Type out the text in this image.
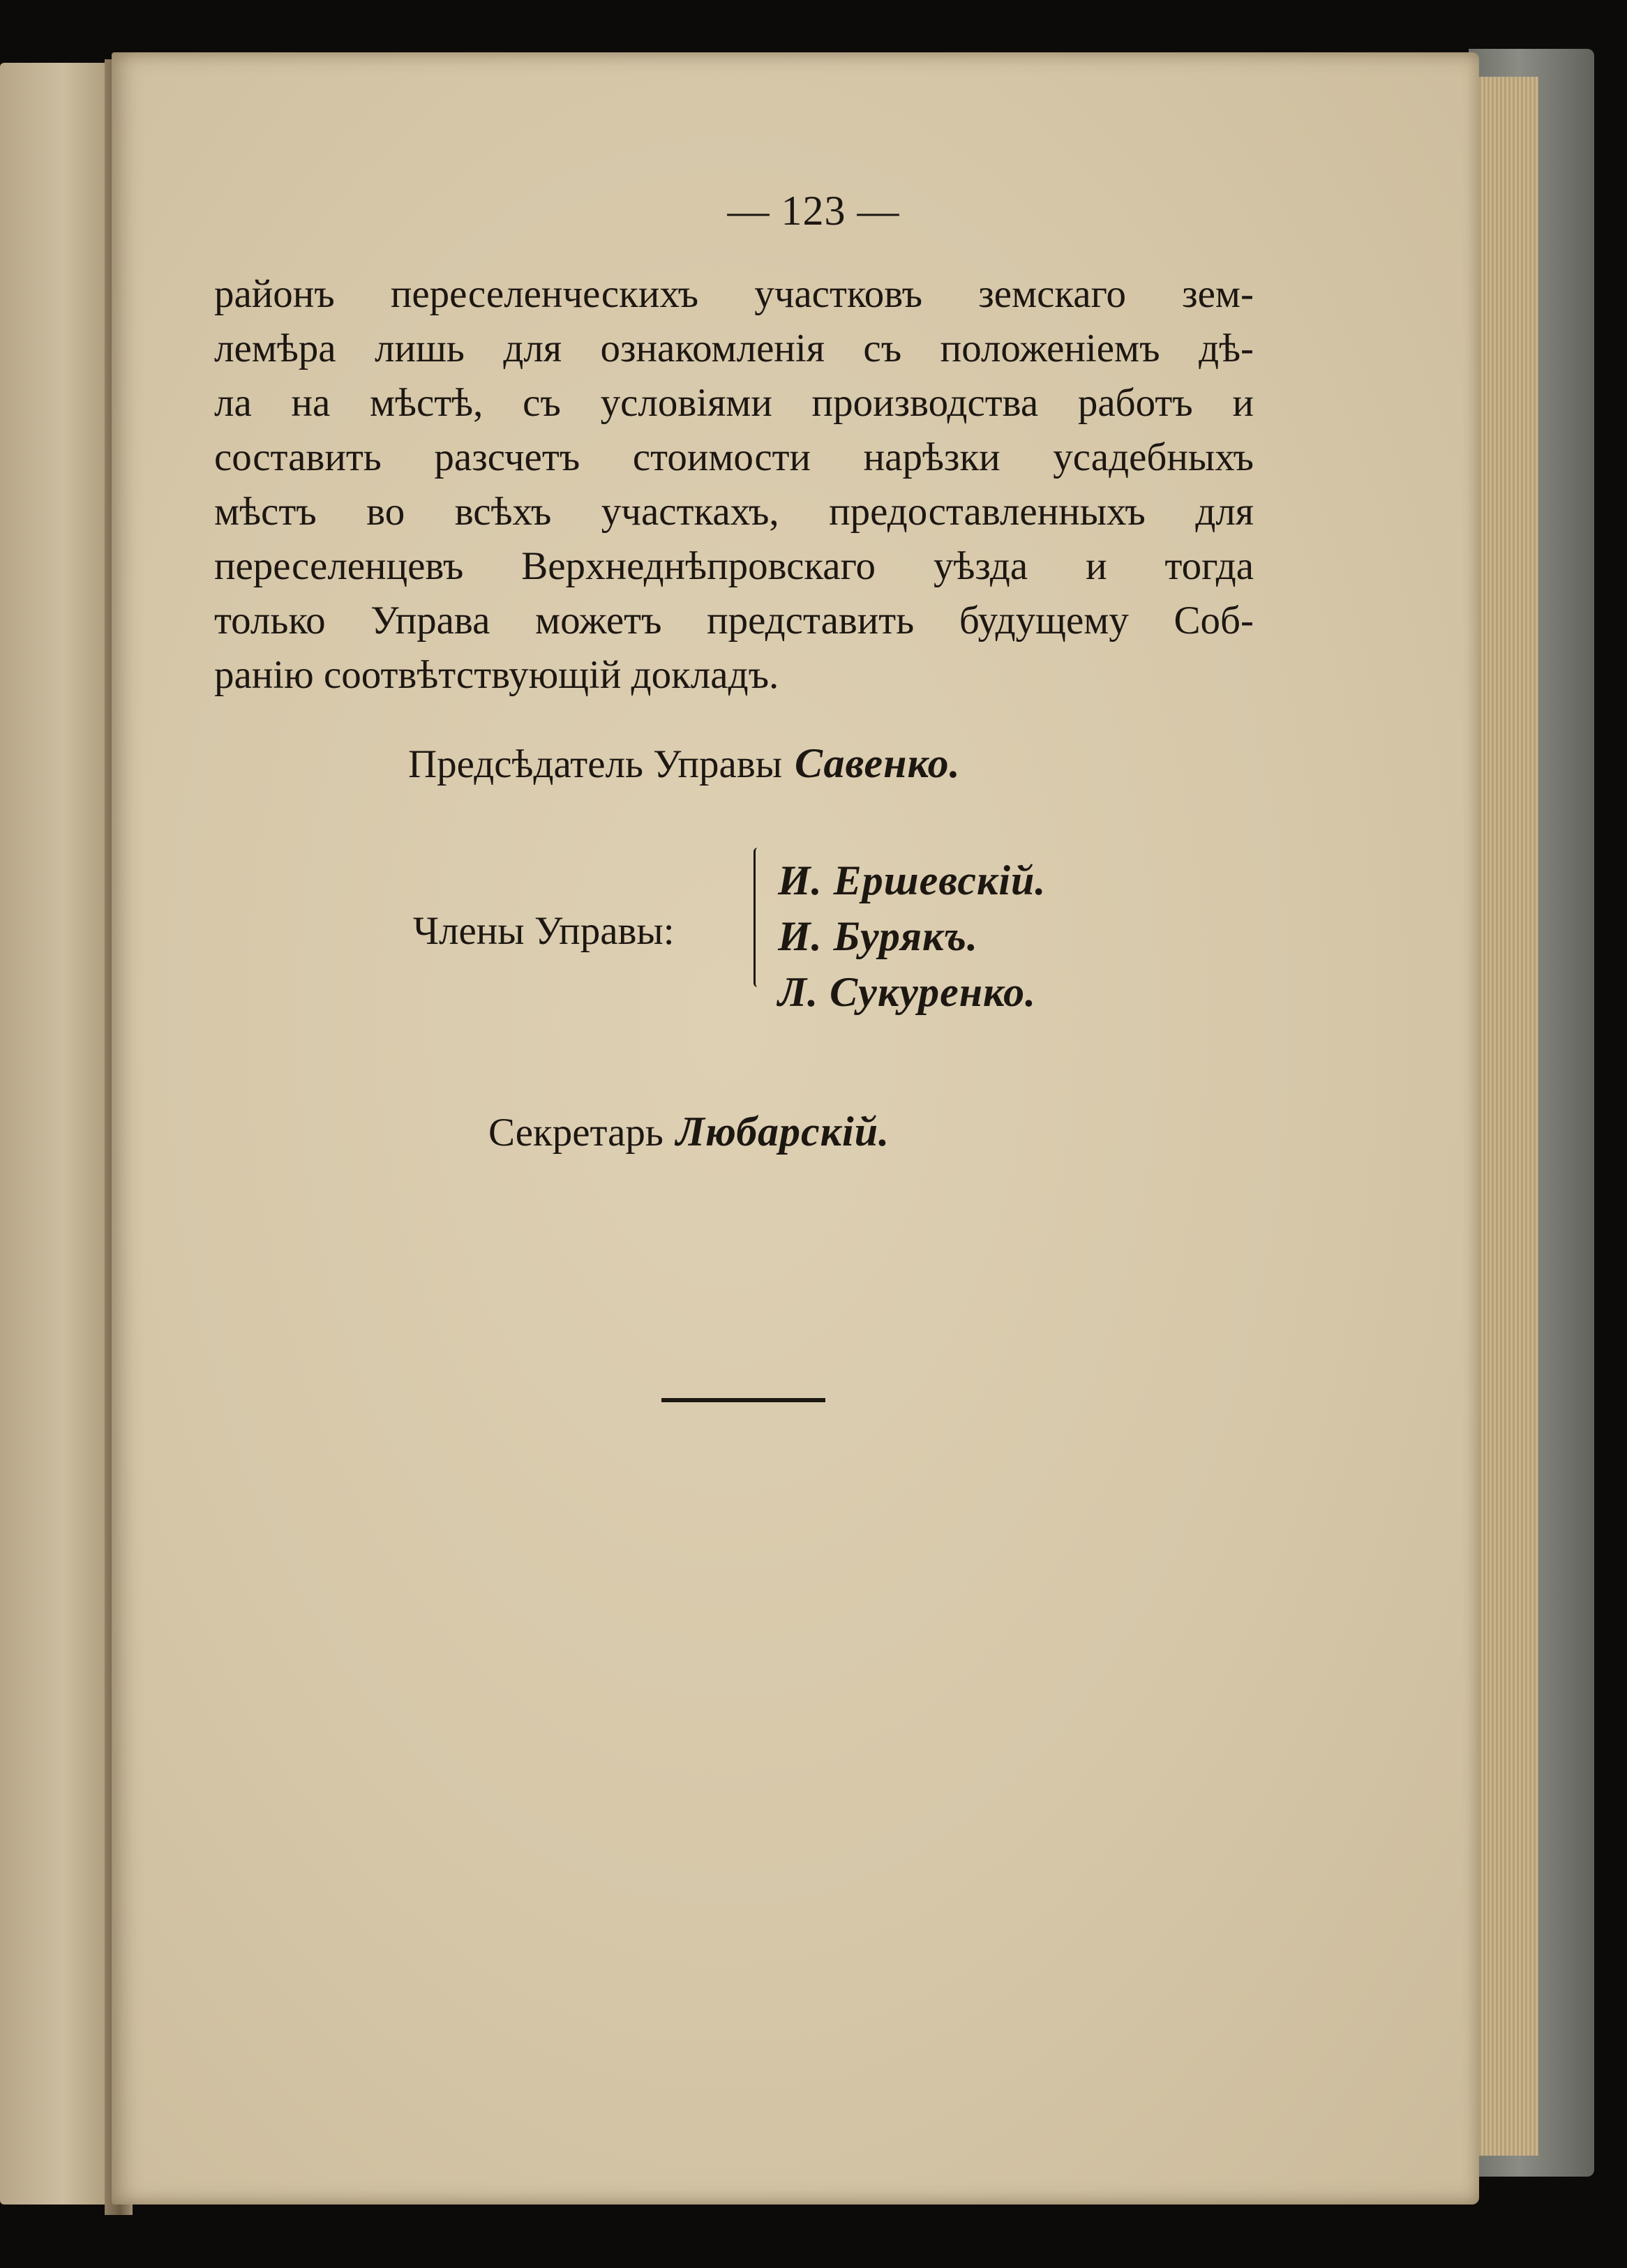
— 123 —
районъ переселенческихъ участковъ земскаго зем-
лемѣра лишь для ознакомленія съ положеніемъ дѣ-
ла на мѣстѣ, съ условіями производства работъ и
составить разсчетъ стоимости нарѣзки усадебныхъ
мѣстъ во всѣхъ участкахъ, предоставленныхъ для
переселенцевъ Верхнеднѣпровскаго уѣзда и тогда
только Управа можетъ представить будущему Соб-
ранію соотвѣтствующій докладъ.
Предсѣдатель Управы Савенко.
Члены Управы:
И. Ершевскій.
И. Бурякъ.
Л. Сукуренко.
Секретарь Любарскій.
